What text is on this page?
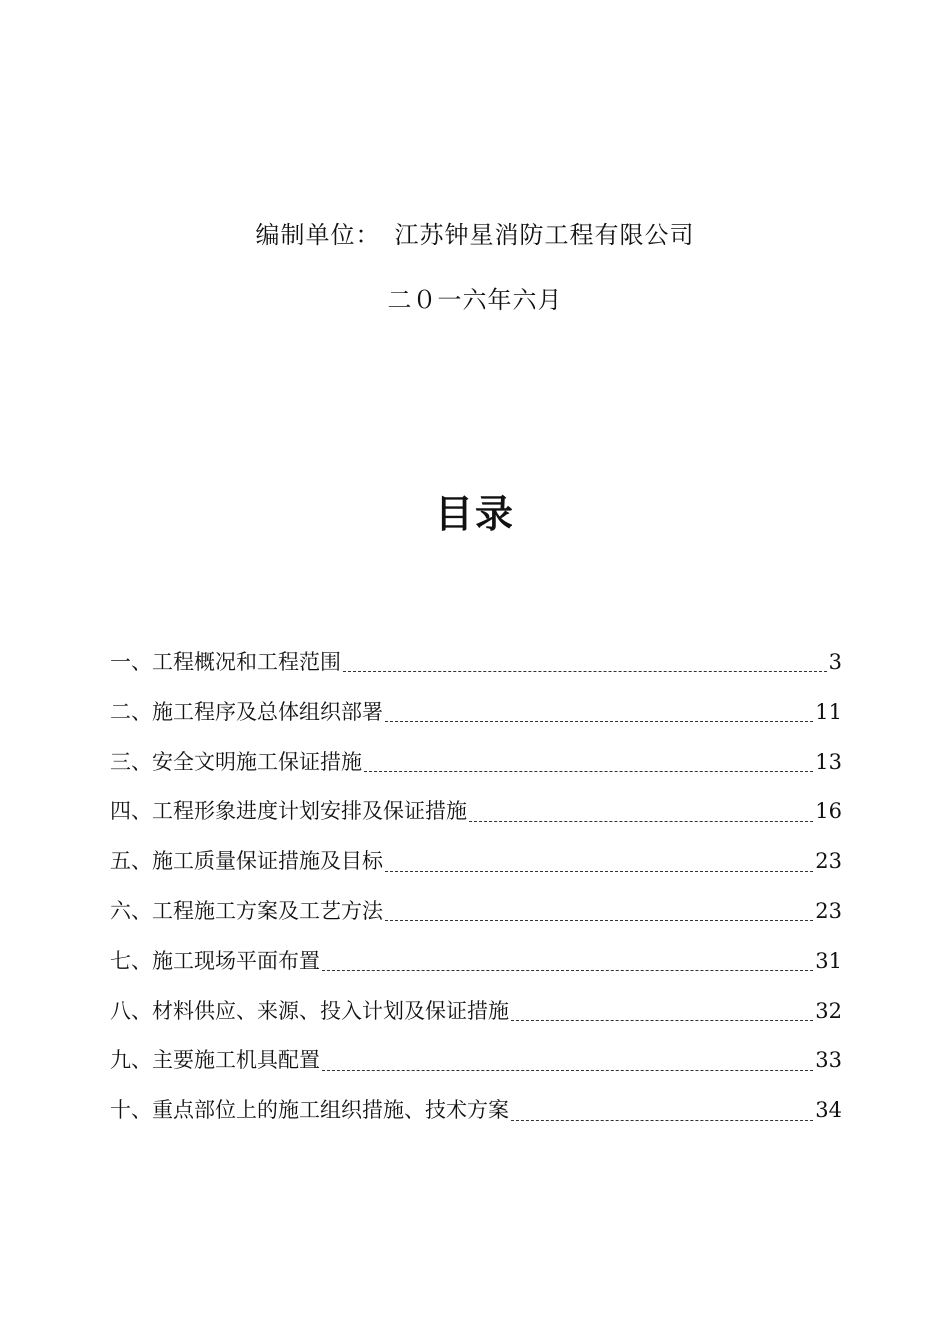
编制单位： 江苏钟星消防工程有限公司
二０一六年六月
目录
一、工程概况和工程范围	3
二、施工程序及总体组织部署	11
三、安全文明施工保证措施	13
四、工程形象进度计划安排及保证措施	16
五、施工质量保证措施及目标	23
六、工程施工方案及工艺方法	23
七、施工现场平面布置	31
八、材料供应、来源、投入计划及保证措施	32
九、主要施工机具配置	33
十、重点部位上的施工组织措施、技术方案	34
